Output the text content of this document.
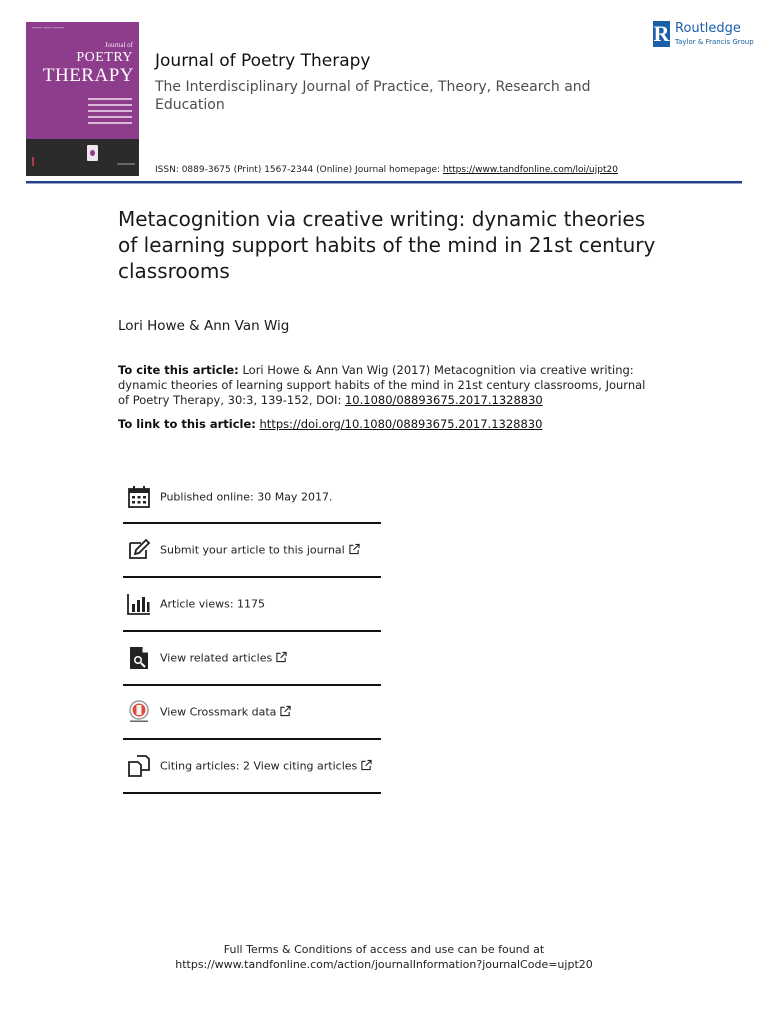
━━━━━ ━━━━ ━━━━━━
Journal of
POETRY
THERAPY
Journal of Poetry Therapy
The Interdisciplinary Journal of Practice, Theory, Research and Education
ISSN: 0889-3675 (Print) 1567-2344 (Online) Journal homepage: https://www.tandfonline.com/loi/ujpt20
R Routledge
Taylor & Francis Group
Metacognition via creative writing: dynamic theories of learning support habits of the mind in 21st century classrooms
Lori Howe & Ann Van Wig
To cite this article: Lori Howe & Ann Van Wig (2017) Metacognition via creative writing: dynamic theories of learning support habits of the mind in 21st century classrooms, Journal of Poetry Therapy, 30:3, 139-152, DOI: 10.1080/08893675.2017.1328830
To link to this article: https://doi.org/10.1080/08893675.2017.1328830
Published online: 30 May 2017.
Submit your article to this journal
Article views: 1175
View related articles
View Crossmark data
Citing articles: 2 View citing articles
Full Terms & Conditions of access and use can be found at
https://www.tandfonline.com/action/journalInformation?journalCode=ujpt20
